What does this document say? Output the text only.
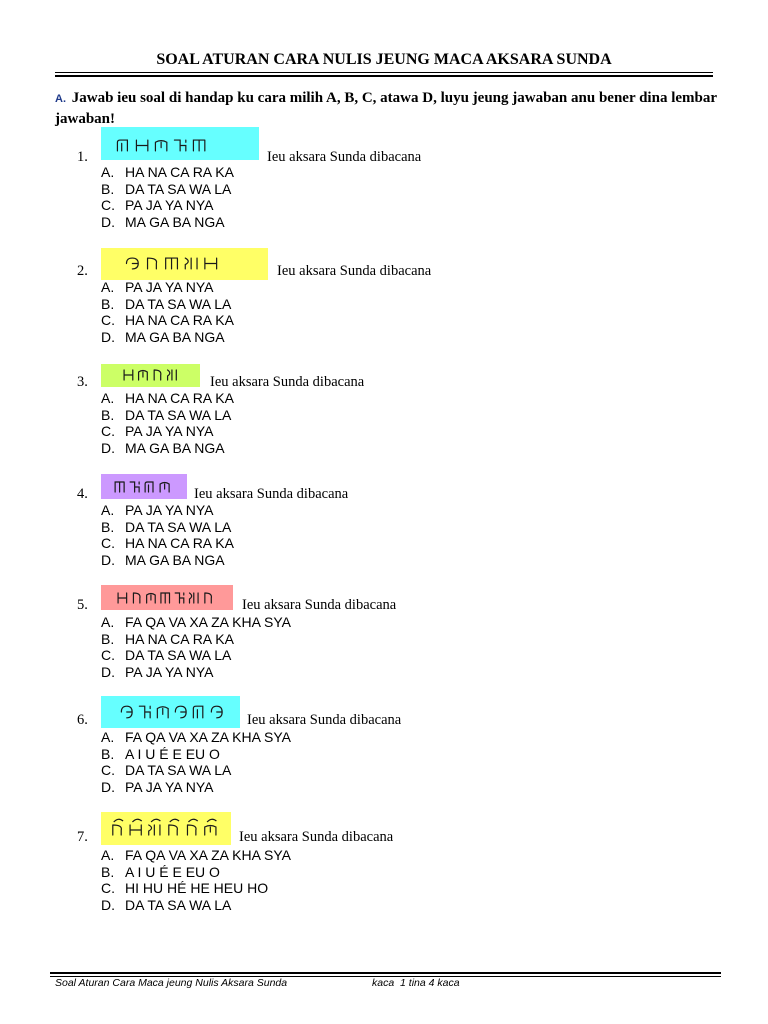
SOAL ATURAN CARA NULIS JEUNG MACA AKSARA SUNDA
A. Jawab ieu soal di handap ku cara milih A, B, C, atawa D, luyu jeung jawaban anu bener dina lembar jawaban!
1.	Ieu aksara Sunda dibacana
A. HA NA CA RA KA
B. DA TA SA WA LA
C. PA JA YA NYA
D. MA GA BA NGA
2.	Ieu aksara Sunda dibacana
A. PA JA YA NYA
B. DA TA SA WA LA
C. HA NA CA RA KA
D. MA GA BA NGA
3.	Ieu aksara Sunda dibacana
A. HA NA CA RA KA
B. DA TA SA WA LA
C. PA JA YA NYA
D. MA GA BA NGA
4.	Ieu aksara Sunda dibacana
A. PA JA YA NYA
B. DA TA SA WA LA
C. HA NA CA RA KA
D. MA GA BA NGA
5.	Ieu aksara Sunda dibacana
A. FA QA VA XA ZA KHA SYA
B. HA NA CA RA KA
C. DA TA SA WA LA
D. PA JA YA NYA
6.	Ieu aksara Sunda dibacana
A. FA QA VA XA ZA KHA SYA
B. A I U É E EU O
C. DA TA SA WA LA
D. PA JA YA NYA
7.	Ieu aksara Sunda dibacana
A. FA QA VA XA ZA KHA SYA
B. A I U É E EU O
C. HI HU HÉ HE HEU HO
D. DA TA SA WA LA
Soal Aturan Cara Maca jeung Nulis Aksara Sunda	kaca  1 tina 4 kaca
